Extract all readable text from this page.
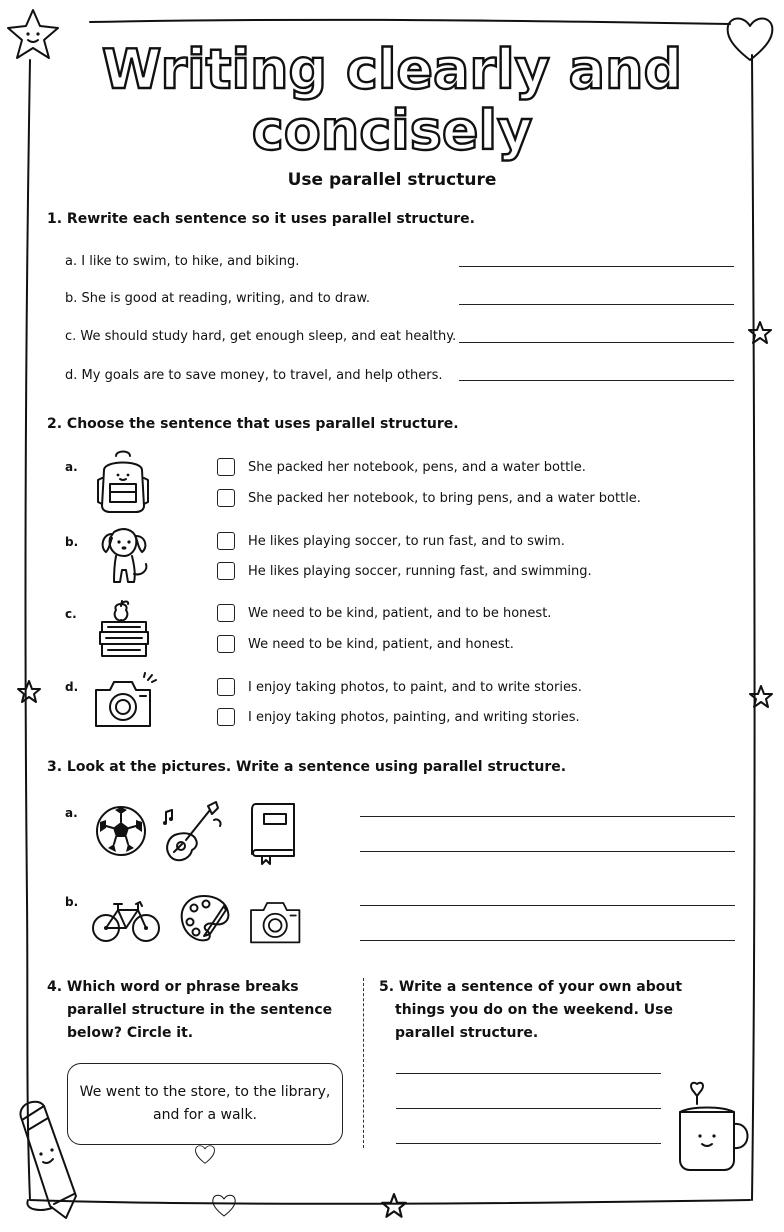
Writing clearly and
concisely
Use parallel structure
1. Rewrite each sentence so it uses parallel structure.
a. I like to swim, to hike, and biking.
b. She is good at reading, writing, and to draw.
c. We should study hard, get enough sleep, and eat healthy.
d. My goals are to save money, to travel, and help others.
2. Choose the sentence that uses parallel structure.
a.	She packed her notebook, pens, and a water bottle.
She packed her notebook, to bring pens, and a water bottle.
b.	He likes playing soccer, to run fast, and to swim.
He likes playing soccer, running fast, and swimming.
c.	We need to be kind, patient, and to be honest.
We need to be kind, patient, and honest.
d.	I enjoy taking photos, to paint, and to write stories.
I enjoy taking photos, painting, and writing stories.
3. Look at the pictures. Write a sentence using parallel structure.
a.
b.
4. Which word or phrase breaks
parallel structure in the sentence
below? Circle it.
We went to the store, to the library,
and for a walk.
5. Write a sentence of your own about
things you do on the weekend. Use
parallel structure.
